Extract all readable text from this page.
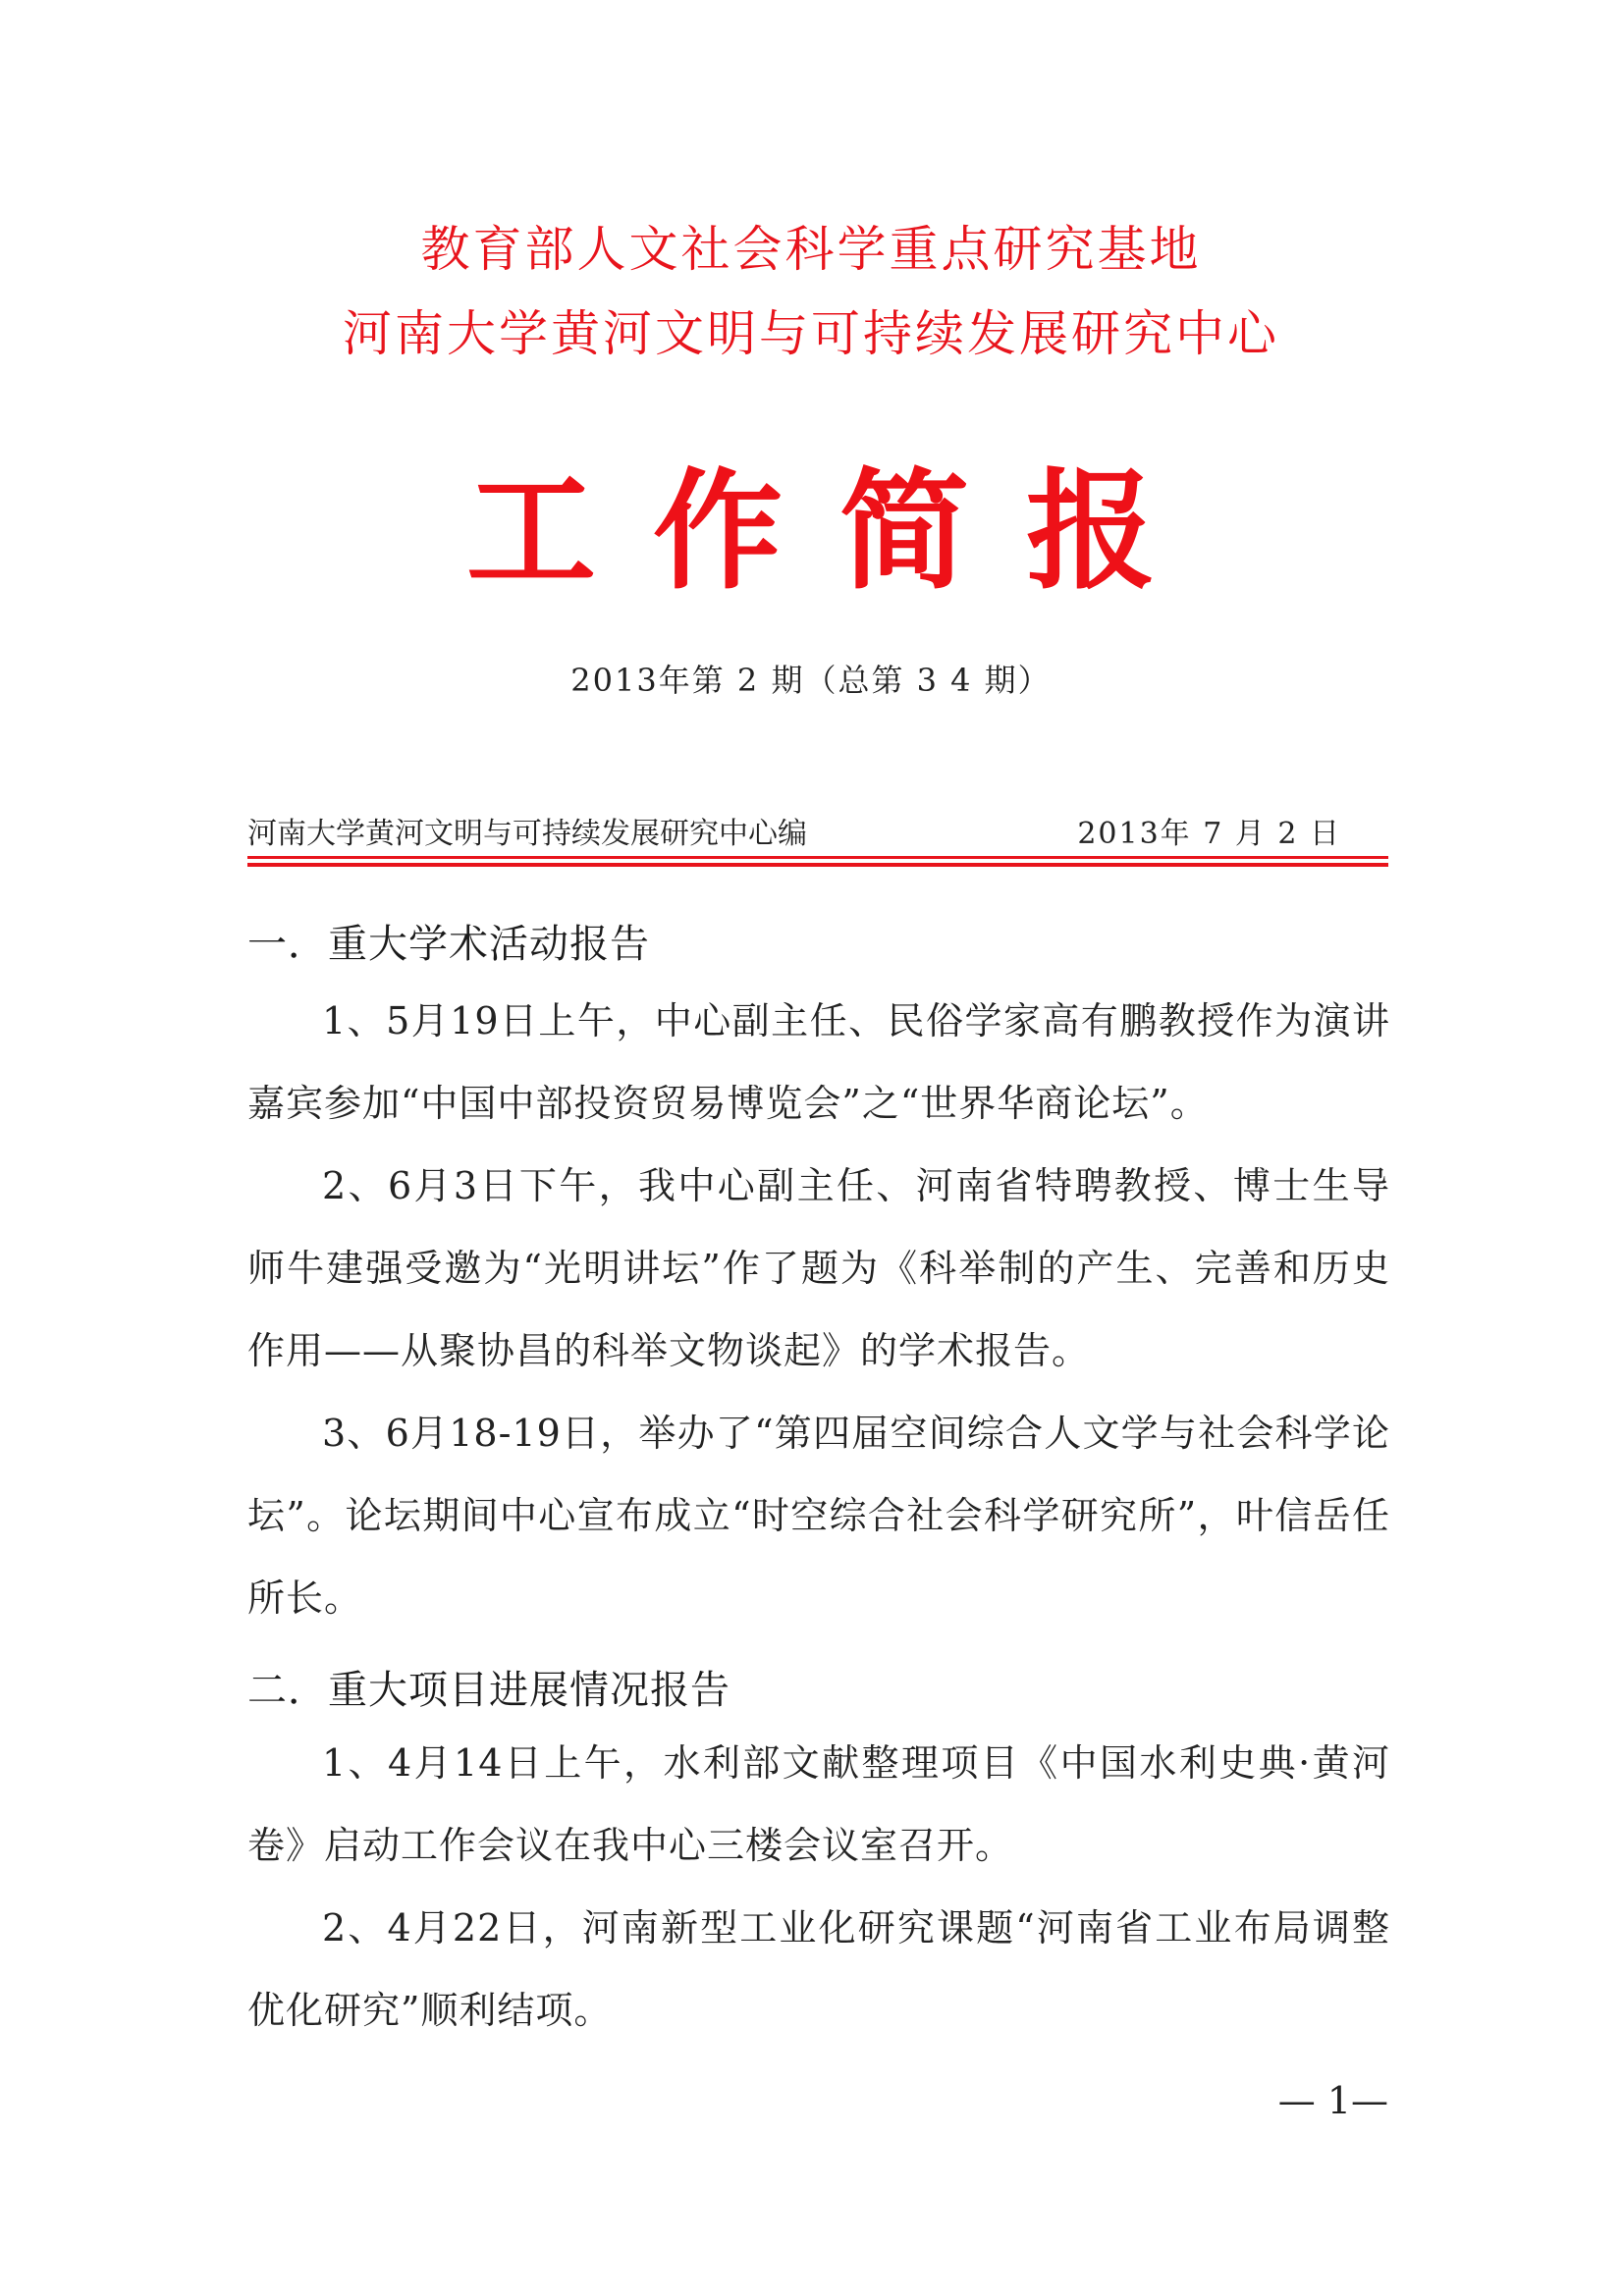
教育部人文社会科学重点研究基地
河南大学黄河文明与可持续发展研究中心
工作简报
2013年第 2 期（总第 3 4 期）
河南大学黄河文明与可持续发展研究中心编	2013年 7 月 2 日
一．重大学术活动报告
1、5月19日上午，中心副主任、民俗学家高有鹏教授作为演讲嘉宾参加“中国中部投资贸易博览会”之“世界华商论坛”。
2、6月3日下午，我中心副主任、河南省特聘教授、博士生导师牛建强受邀为“光明讲坛”作了题为《科举制的产生、完善和历史作用——从聚协昌的科举文物谈起》的学术报告。
3、6月18-19日，举办了“第四届空间综合人文学与社会科学论坛”。论坛期间中心宣布成立“时空综合社会科学研究所”，叶信岳任所长。
二．重大项目进展情况报告
1、4月14日上午，水利部文献整理项目《中国水利史典·黄河卷》启动工作会议在我中心三楼会议室召开。
2、4月22日，河南新型工业化研究课题“河南省工业布局调整优化研究”顺利结项。
— 1—
